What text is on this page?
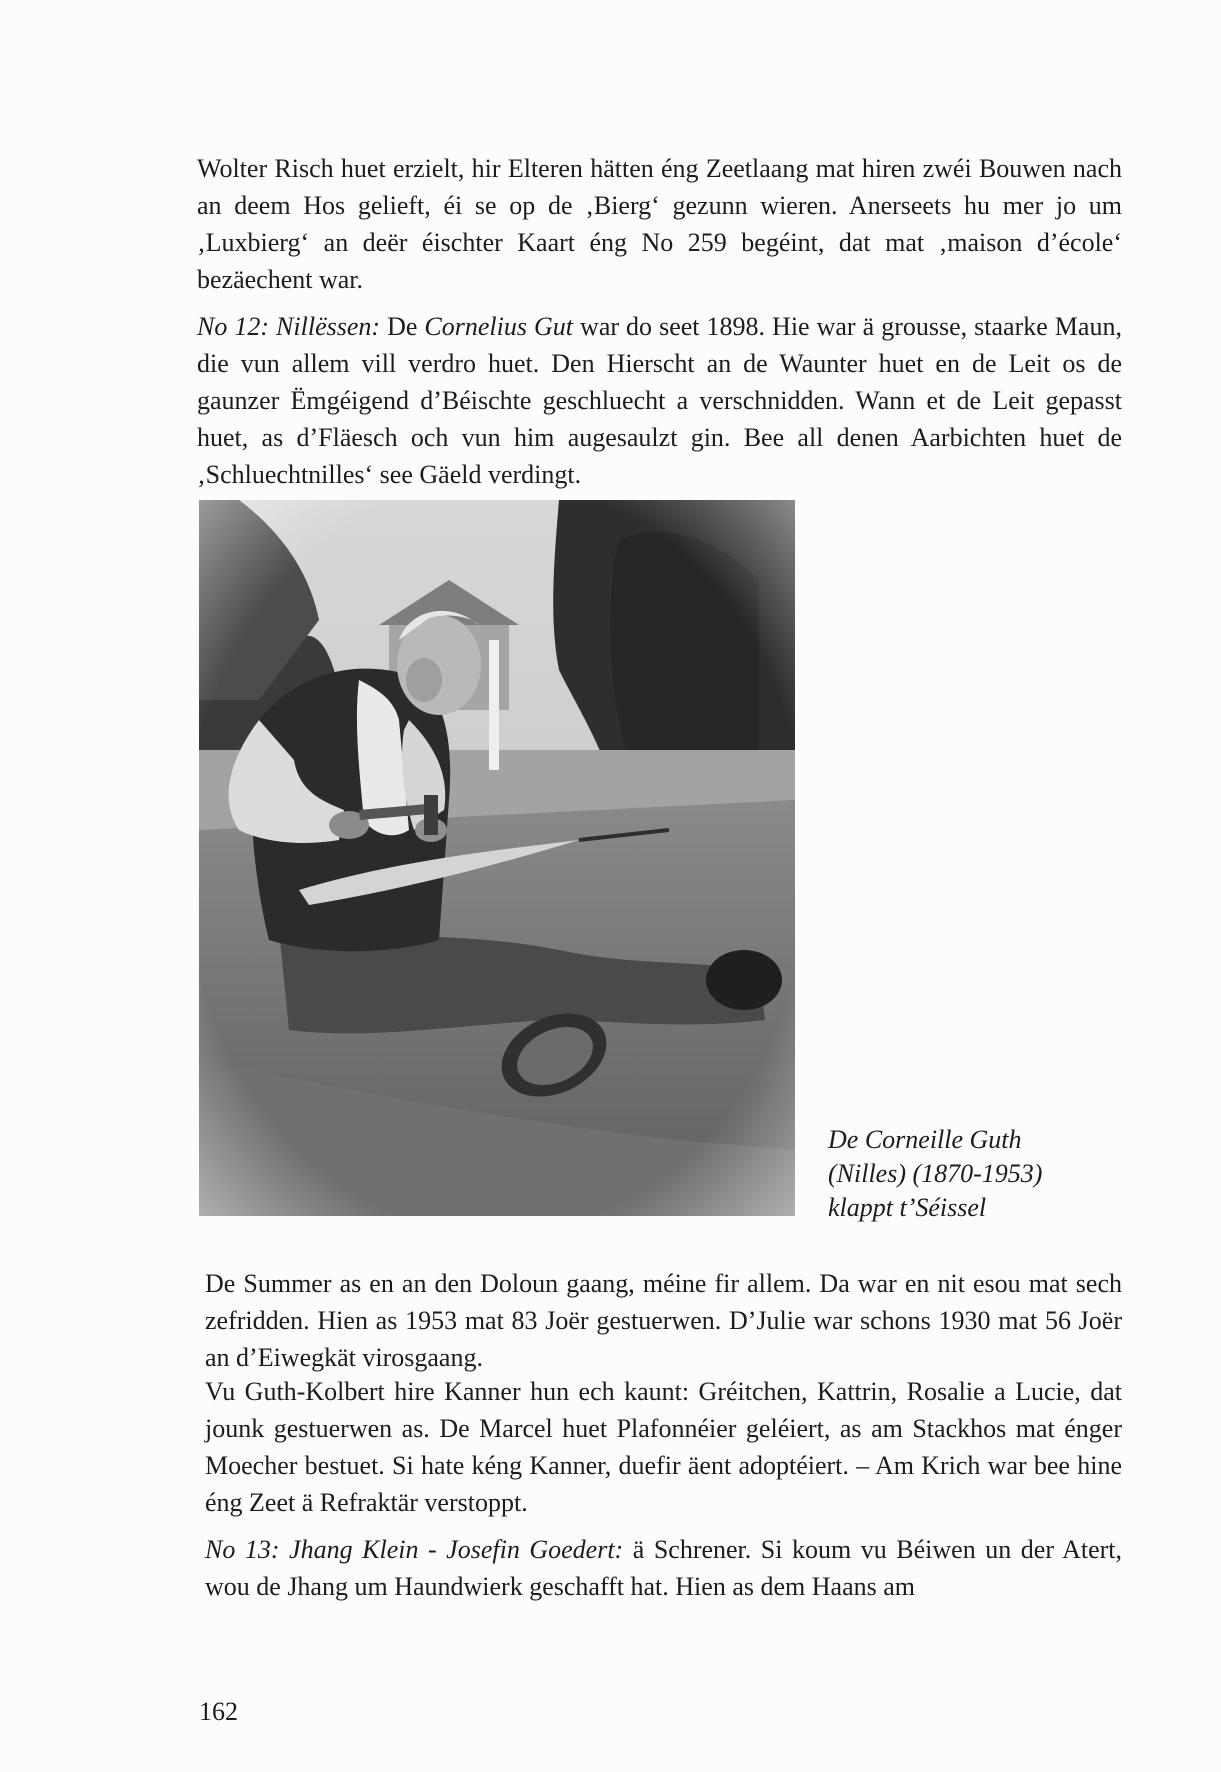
Wolter Risch huet erzielt, hir Elteren hätten éng Zeetlaang mat hiren zwéi Bouwen nach an deem Hos gelieft, éi se op de ‚Bierg‘ gezunn wieren. Anerseets hu mer jo um ‚Luxbierg‘ an deër éischter Kaart éng No 259 begéint, dat mat ‚maison d’école‘ bezäechent war.

No 12: Nillëssen: De Cornelius Gut war do seet 1898. Hie war ä grousse, staarke Maun, die vun allem vill verdro huet. Den Hierscht an de Waunter huet en de Leit os de gaunzer Ëmgéigend d’Béischte geschluecht a verschnidden. Wann et de Leit gepasst huet, as d’Fläesch och vun him augesaulzt gin. Bee all denen Aarbichten huet de ‚Schluechtnilles‘ see Gäeld verdingt.

De Corneille Guth
(Nilles) (1870-1953)
klappt t’Séissel

De Summer as en an den Doloun gaang, méine fir allem. Da war en nit esou mat sech zefridden. Hien as 1953 mat 83 Joër gestuerwen. D’Julie war schons 1930 mat 56 Joër an d’Eiwegkät virosgaang.

Vu Guth-Kolbert hire Kanner hun ech kaunt: Gréitchen, Kattrin, Rosalie a Lucie, dat jounk gestuerwen as. De Marcel huet Plafonnéier geléiert, as am Stackhos mat énger Moecher bestuet. Si hate kéng Kanner, duefir äent adoptéiert. – Am Krich war bee hine éng Zeet ä Refraktär verstoppt.

No 13: Jhang Klein - Josefin Goedert: ä Schrener. Si koum vu Béiwen un der Atert, wou de Jhang um Haundwierk geschafft hat. Hien as dem Haans am

162
